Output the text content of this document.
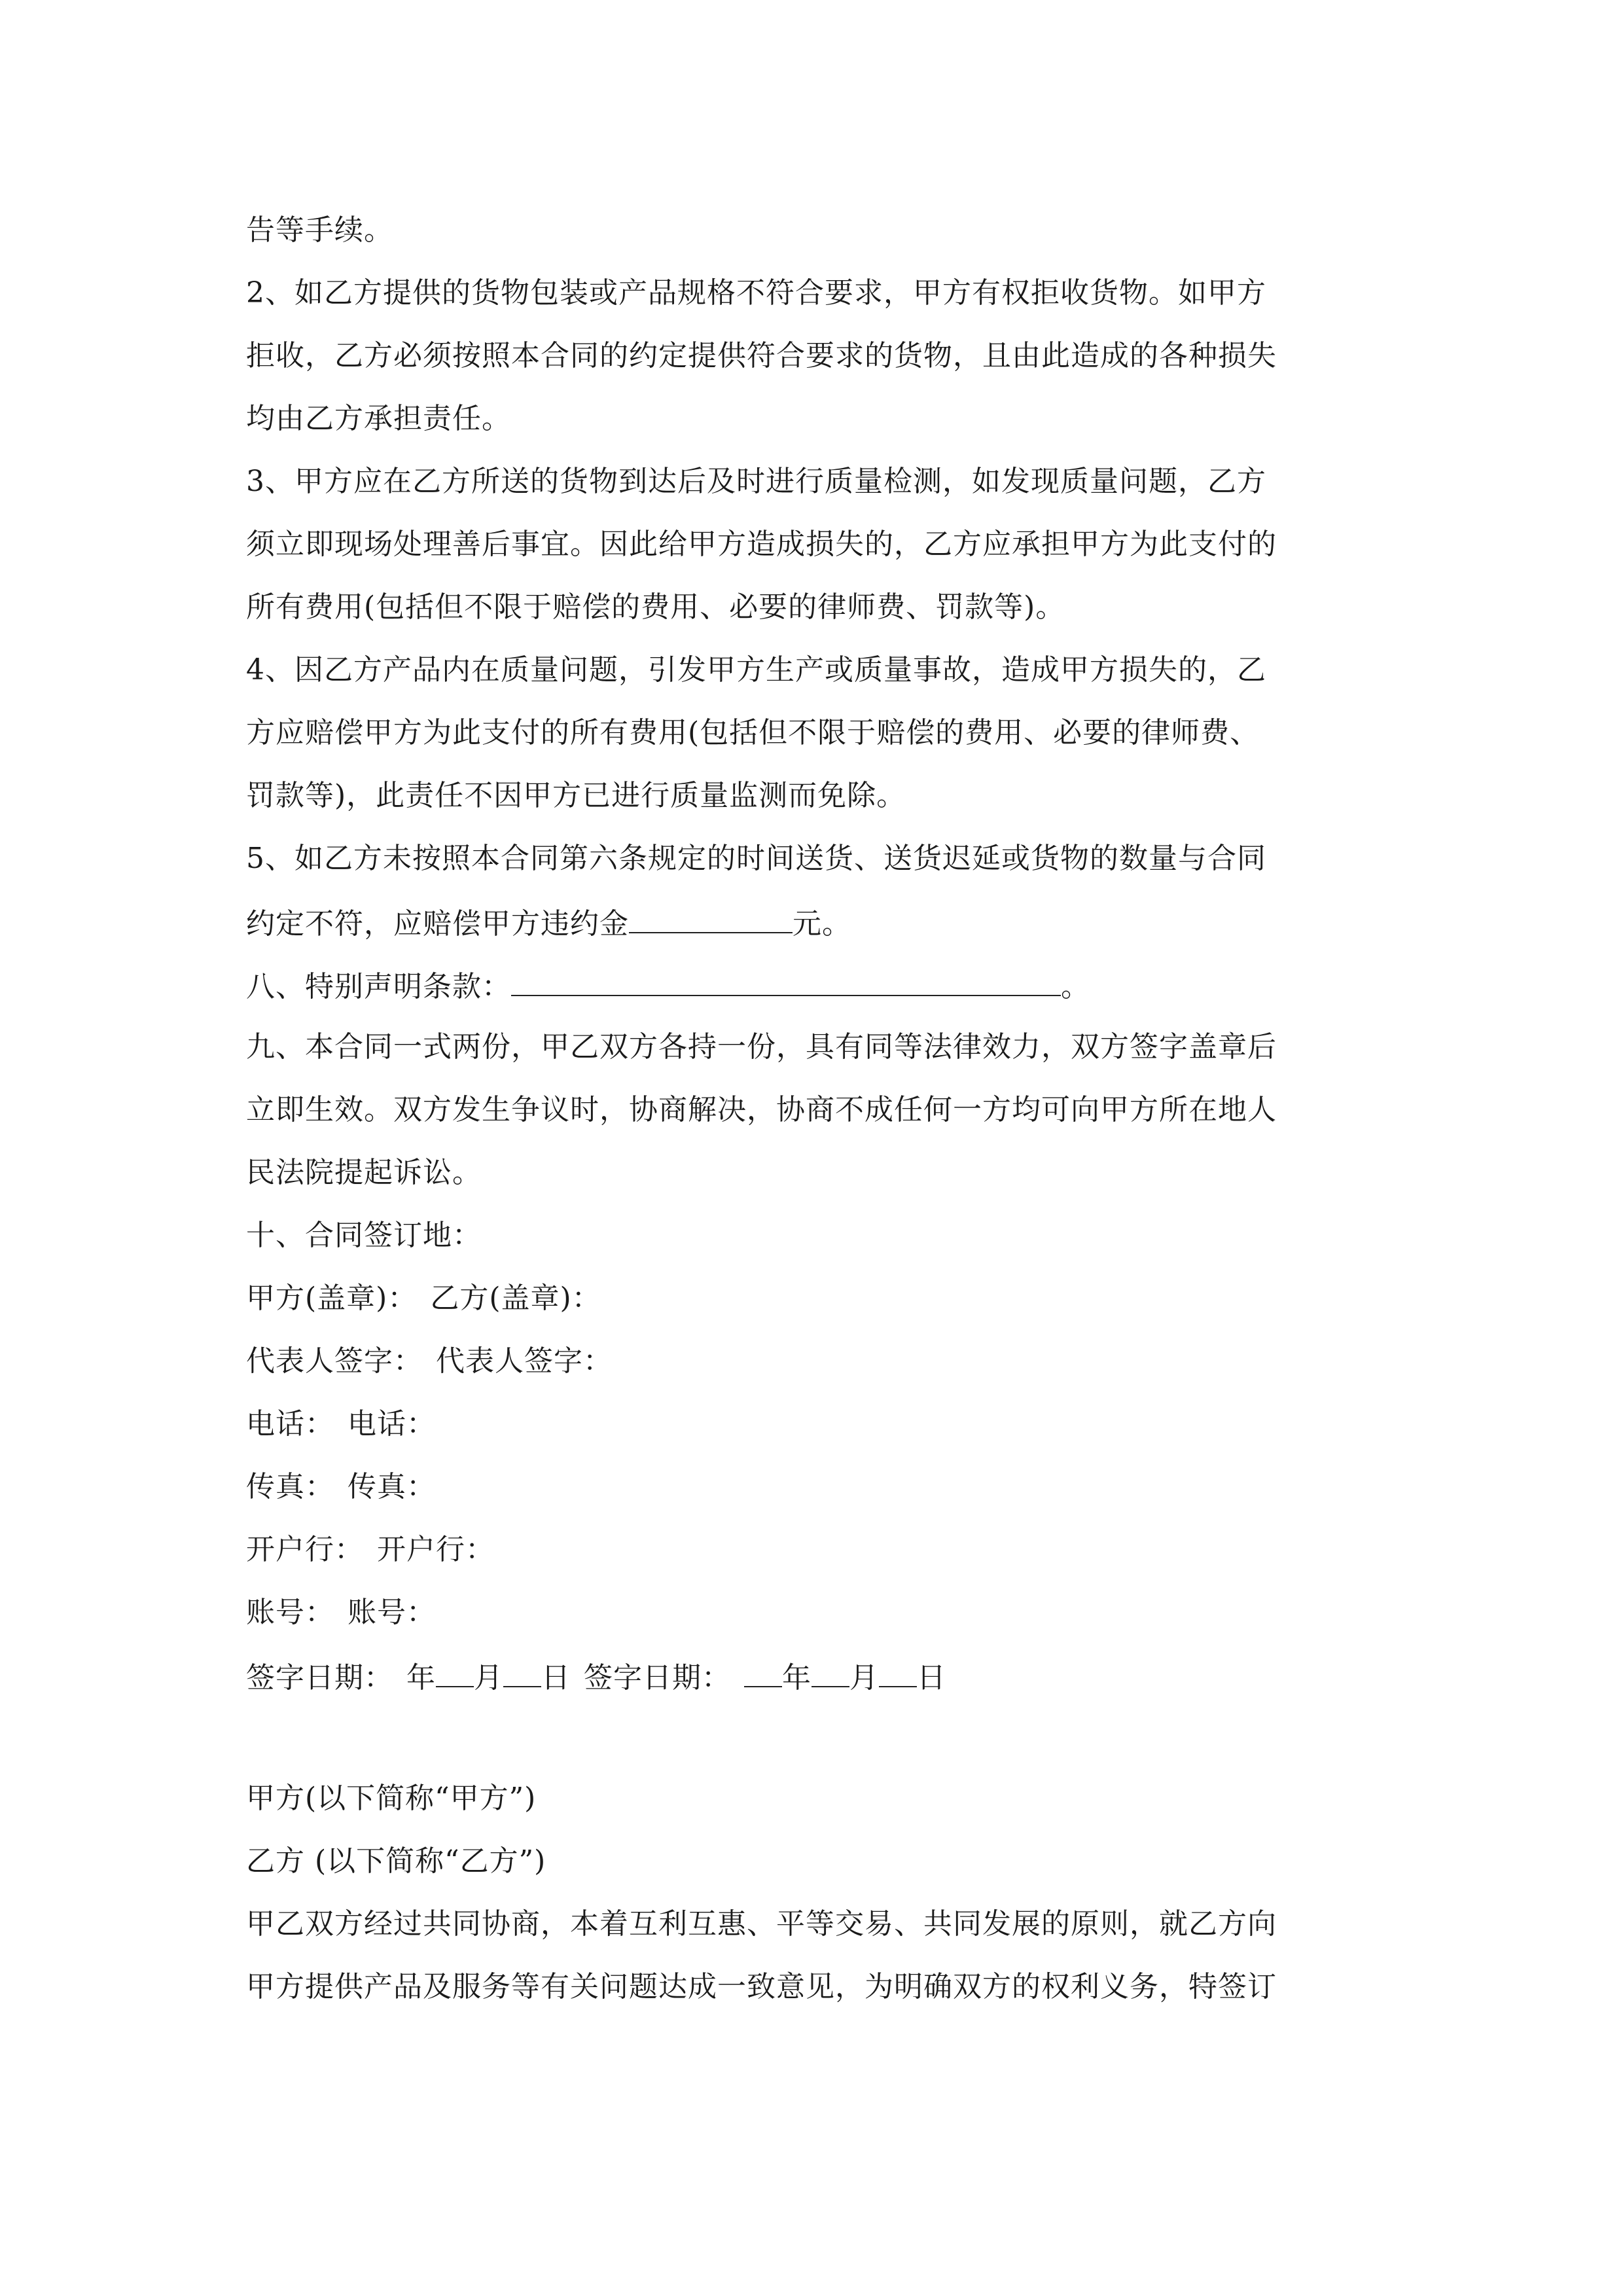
告等手续。
2、如乙方提供的货物包装或产品规格不符合要求，甲方有权拒收货物。如甲方
拒收，乙方必须按照本合同的约定提供符合要求的货物，且由此造成的各种损失
均由乙方承担责任。
3、甲方应在乙方所送的货物到达后及时进行质量检测，如发现质量问题，乙方
须立即现场处理善后事宜。因此给甲方造成损失的，乙方应承担甲方为此支付的
所有费用(包括但不限于赔偿的费用、必要的律师费、罚款等)。
4、因乙方产品内在质量问题，引发甲方生产或质量事故，造成甲方损失的，乙
方应赔偿甲方为此支付的所有费用(包括但不限于赔偿的费用、必要的律师费、
罚款等)，此责任不因甲方已进行质量监测而免除。
5、如乙方未按照本合同第六条规定的时间送货、送货迟延或货物的数量与合同
约定不符，应赔偿甲方违约金	元。
八、特别声明条款：	。
九、本合同一式两份，甲乙双方各持一份，具有同等法律效力，双方签字盖章后
立即生效。双方发生争议时，协商解决，协商不成任何一方均可向甲方所在地人
民法院提起诉讼。
十、合同签订地：
甲方(盖章)： 乙方(盖章)：
代表人签字： 代表人签字：
电话： 电话：
传真： 传真：
开户行： 开户行：
账号： 账号：
签字日期： 年 月 日 签字日期： 年 月 日
甲方(以下简称“甲方”)
乙方 (以下简称“乙方”)
甲乙双方经过共同协商，本着互利互惠、平等交易、共同发展的原则，就乙方向
甲方提供产品及服务等有关问题达成一致意见，为明确双方的权利义务，特签订
